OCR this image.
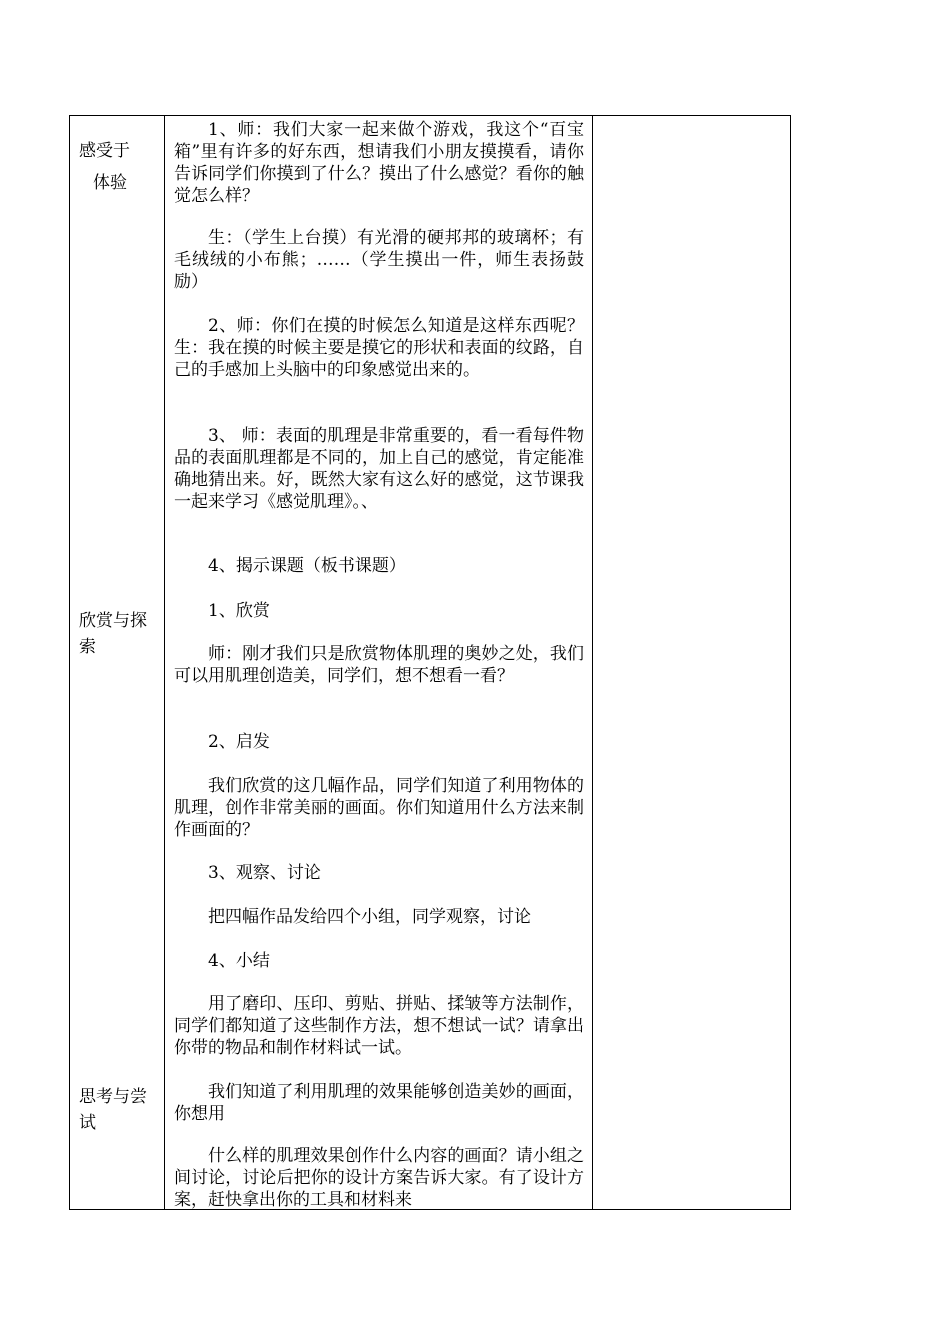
感受于
体验
欣赏与探
索
思考与尝
试
1、师：我们大家一起来做个游戏，我这个“百宝箱”里有许多的好东西，想请我们小朋友摸摸看，请你告诉同学们你摸到了什么？摸出了什么感觉？看你的触觉怎么样？
生：（学生上台摸）有光滑的硬邦邦的玻璃杯；有毛绒绒的小布熊；……（学生摸出一件，师生表扬鼓励）
2、师：你们在摸的时候怎么知道是这样东西呢？生：我在摸的时候主要是摸它的形状和表面的纹路，自己的手感加上头脑中的印象感觉出来的。
3、 师：表面的肌理是非常重要的，看一看每件物品的表面肌理都是不同的，加上自己的感觉，肯定能准确地猜出来。好，既然大家有这么好的感觉，这节课我一起来学习《感觉肌理》。、
4、揭示课题（板书课题）
1、欣赏
师：刚才我们只是欣赏物体肌理的奥妙之处，我们可以用肌理创造美，同学们，想不想看一看？
2、启发
我们欣赏的这几幅作品，同学们知道了利用物体的肌理，创作非常美丽的画面。你们知道用什么方法来制作画面的？
3、观察、讨论
把四幅作品发给四个小组，同学观察，讨论
4、小结
用了磨印、压印、剪贴、拼贴、揉皱等方法制作，同学们都知道了这些制作方法，想不想试一试？请拿出你带的物品和制作材料试一试。
我们知道了利用肌理的效果能够创造美妙的画面，你想用
什么样的肌理效果创作什么内容的画面？请小组之间讨论，讨论后把你的设计方案告诉大家。有了设计方案，赶快拿出你的工具和材料来
